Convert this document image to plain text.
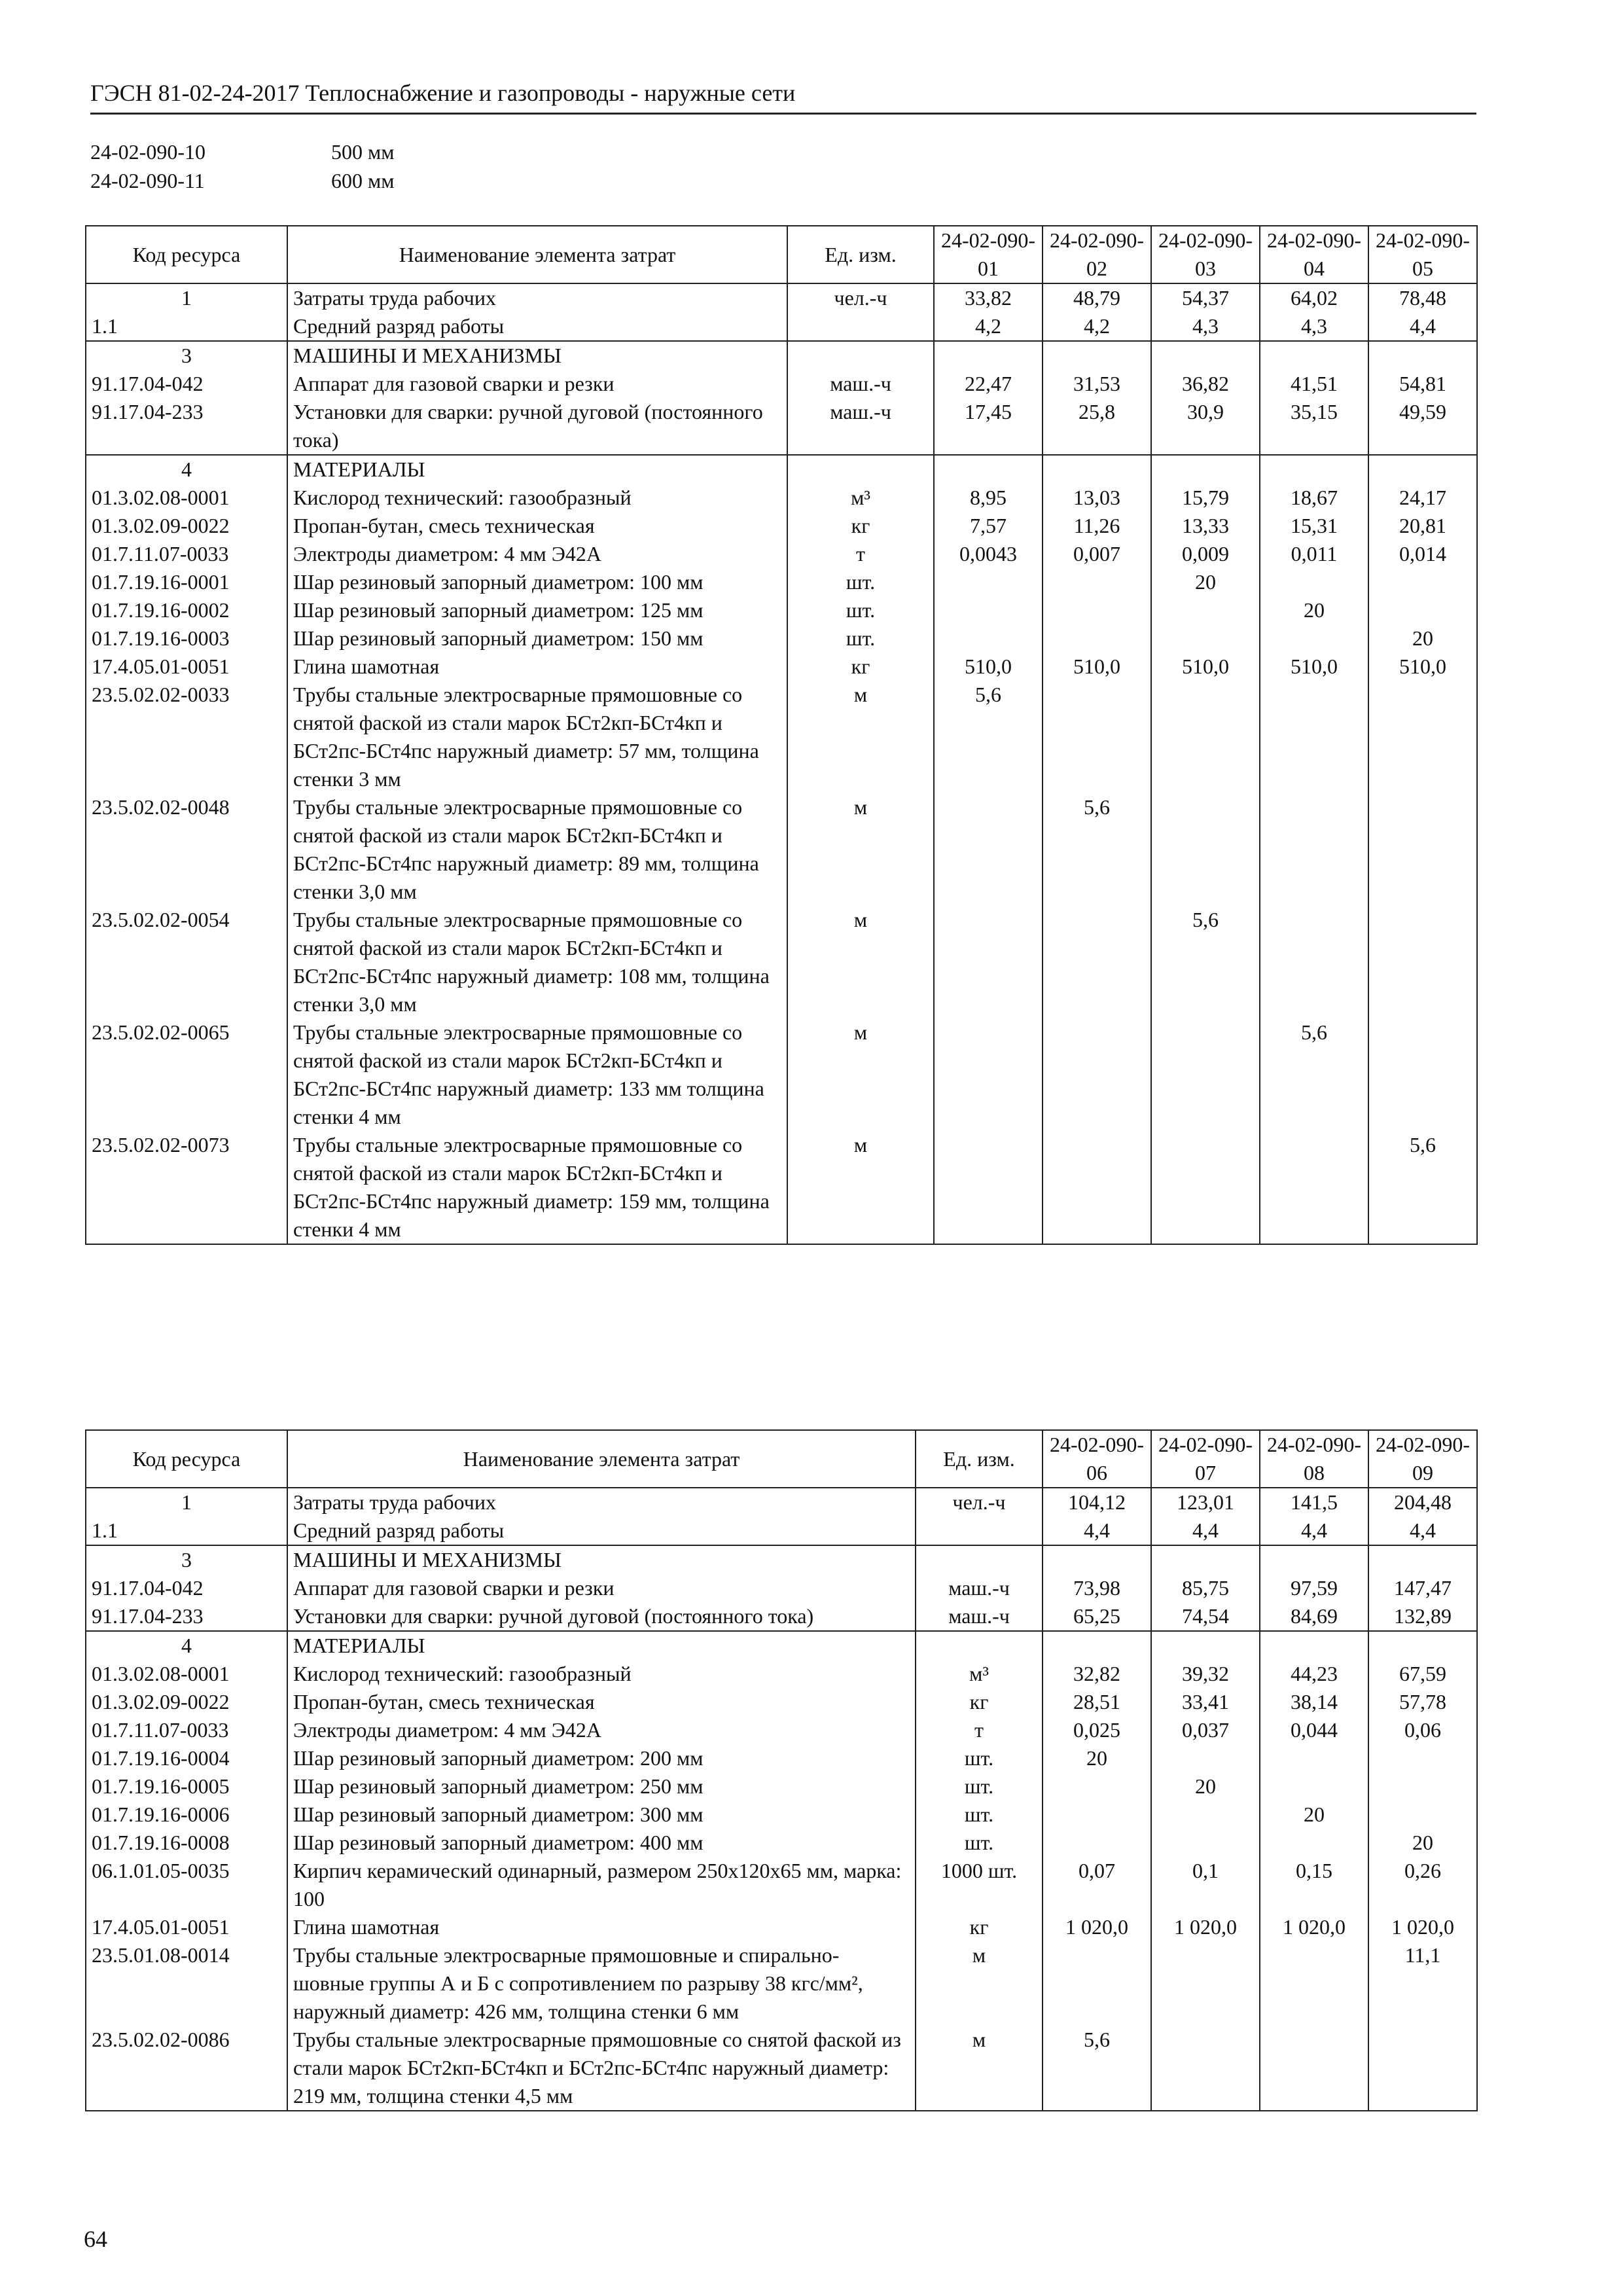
ГЭСН 81-02-24-2017 Теплоснабжение и газопроводы - наружные сети
24-02-090-10	500 мм
24-02-090-11	600 мм
Код ресурса	Наименование элемента затрат	Ед. изм.	24-02-090-01	24-02-090-02	24-02-090-03	24-02-090-04	24-02-090-05
1	Затраты труда рабочих	чел.-ч	33,82	48,79	54,37	64,02	78,48
1.1	Средний разряд работы		4,2	4,2	4,3	4,3	4,4
3	МАШИНЫ И МЕХАНИЗМЫ						
91.17.04-042	Аппарат для газовой сварки и резки	маш.-ч	22,47	31,53	36,82	41,51	54,81
91.17.04-233	Установки для сварки: ручной дуговой (постоянного тока)	маш.-ч	17,45	25,8	30,9	35,15	49,59
4	МАТЕРИАЛЫ						
01.3.02.08-0001	Кислород технический: газообразный	м³	8,95	13,03	15,79	18,67	24,17
01.3.02.09-0022	Пропан-бутан, смесь техническая	кг	7,57	11,26	13,33	15,31	20,81
01.7.11.07-0033	Электроды диаметром: 4 мм Э42А	т	0,0043	0,007	0,009	0,011	0,014
01.7.19.16-0001	Шар резиновый запорный диаметром: 100 мм	шт.			20		
01.7.19.16-0002	Шар резиновый запорный диаметром: 125 мм	шт.				20	
01.7.19.16-0003	Шар резиновый запорный диаметром: 150 мм	шт.					20
17.4.05.01-0051	Глина шамотная	кг	510,0	510,0	510,0	510,0	510,0
23.5.02.02-0033	Трубы стальные электросварные прямошовные со снятой фаской из стали марок БСт2кп-БСт4кп и БСт2пс-БСт4пс наружный диаметр: 57 мм, толщина стенки 3 мм	м	5,6				
23.5.02.02-0048	Трубы стальные электросварные прямошовные со снятой фаской из стали марок БСт2кп-БСт4кп и БСт2пс-БСт4пс наружный диаметр: 89 мм, толщина стенки 3,0 мм	м		5,6			
23.5.02.02-0054	Трубы стальные электросварные прямошовные со снятой фаской из стали марок БСт2кп-БСт4кп и БСт2пс-БСт4пс наружный диаметр: 108 мм, толщина стенки 3,0 мм	м			5,6		
23.5.02.02-0065	Трубы стальные электросварные прямошовные со снятой фаской из стали марок БСт2кп-БСт4кп и БСт2пс-БСт4пс наружный диаметр: 133 мм толщина стенки 4 мм	м				5,6	
23.5.02.02-0073	Трубы стальные электросварные прямошовные со снятой фаской из стали марок БСт2кп-БСт4кп и БСт2пс-БСт4пс наружный диаметр: 159 мм, толщина стенки 4 мм	м					5,6
Код ресурса	Наименование элемента затрат	Ед. изм.	24-02-090-06	24-02-090-07	24-02-090-08	24-02-090-09
1	Затраты труда рабочих	чел.-ч	104,12	123,01	141,5	204,48
1.1	Средний разряд работы		4,4	4,4	4,4	4,4
3	МАШИНЫ И МЕХАНИЗМЫ					
91.17.04-042	Аппарат для газовой сварки и резки	маш.-ч	73,98	85,75	97,59	147,47
91.17.04-233	Установки для сварки: ручной дуговой (постоянного тока)	маш.-ч	65,25	74,54	84,69	132,89
4	МАТЕРИАЛЫ					
01.3.02.08-0001	Кислород технический: газообразный	м³	32,82	39,32	44,23	67,59
01.3.02.09-0022	Пропан-бутан, смесь техническая	кг	28,51	33,41	38,14	57,78
01.7.11.07-0033	Электроды диаметром: 4 мм Э42А	т	0,025	0,037	0,044	0,06
01.7.19.16-0004	Шар резиновый запорный диаметром: 200 мм	шт.	20			
01.7.19.16-0005	Шар резиновый запорный диаметром: 250 мм	шт.		20		
01.7.19.16-0006	Шар резиновый запорный диаметром: 300 мм	шт.			20	
01.7.19.16-0008	Шар резиновый запорный диаметром: 400 мм	шт.				20
06.1.01.05-0035	Кирпич керамический одинарный, размером 250х120х65 мм, марка: 100	1000 шт.	0,07	0,1	0,15	0,26
17.4.05.01-0051	Глина шамотная	кг	1 020,0	1 020,0	1 020,0	1 020,0
23.5.01.08-0014	Трубы стальные электросварные прямошовные и спирально-шовные группы А и Б с сопротивлением по разрыву 38 кгс/мм², наружный диаметр: 426 мм, толщина стенки 6 мм	м				11,1
23.5.02.02-0086	Трубы стальные электросварные прямошовные со снятой фаской из стали марок БСт2кп-БСт4кп и БСт2пс-БСт4пс наружный диаметр: 219 мм, толщина стенки 4,5 мм	м	5,6			
64
